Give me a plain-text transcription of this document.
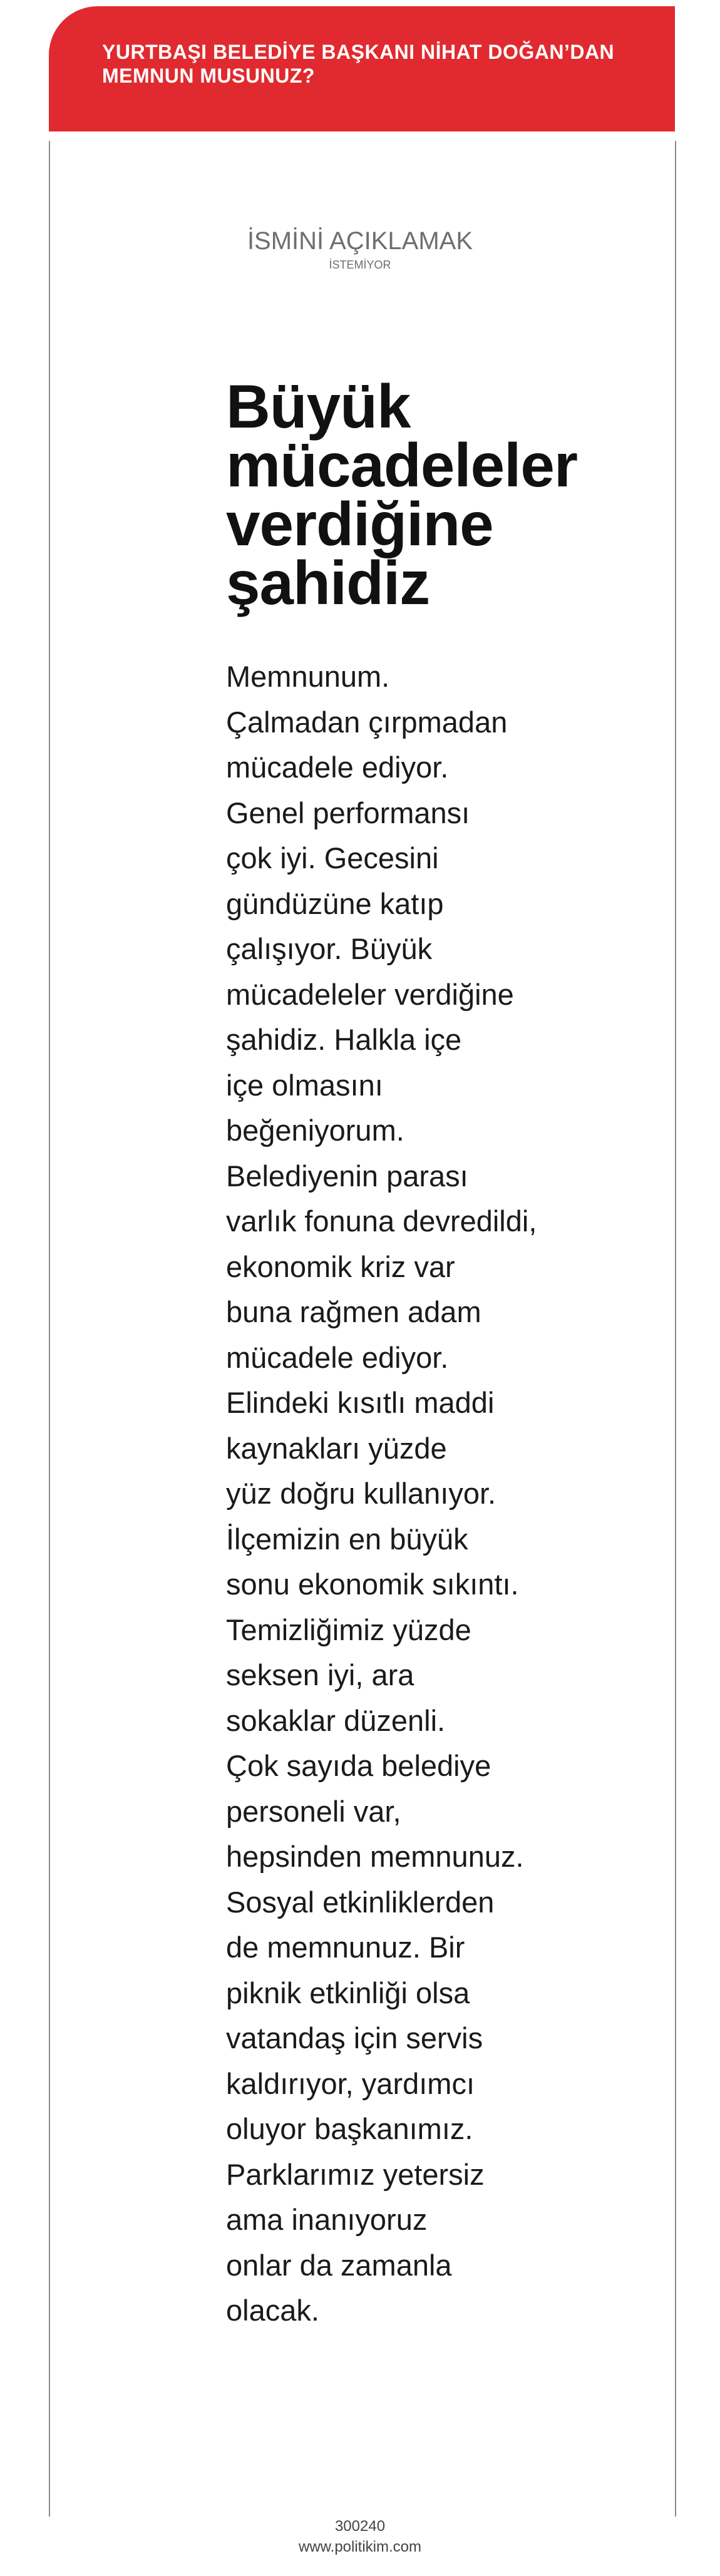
YURTBAŞI BELEDİYE BAŞKANI NİHAT DOĞAN’DAN
MEMNUN MUSUNUZ?
İSMİNİ AÇIKLAMAK
İSTEMİYOR
Büyük
mücadeleler
verdiğine
şahidiz
Memnunum.
Çalmadan çırpmadan
mücadele ediyor.
Genel performansı
çok iyi. Gecesini
gündüzüne katıp
çalışıyor. Büyük
mücadeleler verdiğine
şahidiz. Halkla içe
içe olmasını
beğeniyorum.
Belediyenin parası
varlık fonuna devredildi,
ekonomik kriz var
buna rağmen adam
mücadele ediyor.
Elindeki kısıtlı maddi
kaynakları yüzde
yüz doğru kullanıyor.
İlçemizin en büyük
sonu ekonomik sıkıntı.
Temizliğimiz yüzde
seksen iyi, ara
sokaklar düzenli.
Çok sayıda belediye
personeli var,
hepsinden memnunuz.
Sosyal etkinliklerden
de memnunuz. Bir
piknik etkinliği olsa
vatandaş için servis
kaldırıyor, yardımcı
oluyor başkanımız.
Parklarımız yetersiz
ama inanıyoruz
onlar da zamanla
olacak.
300240
www.politikim.com
